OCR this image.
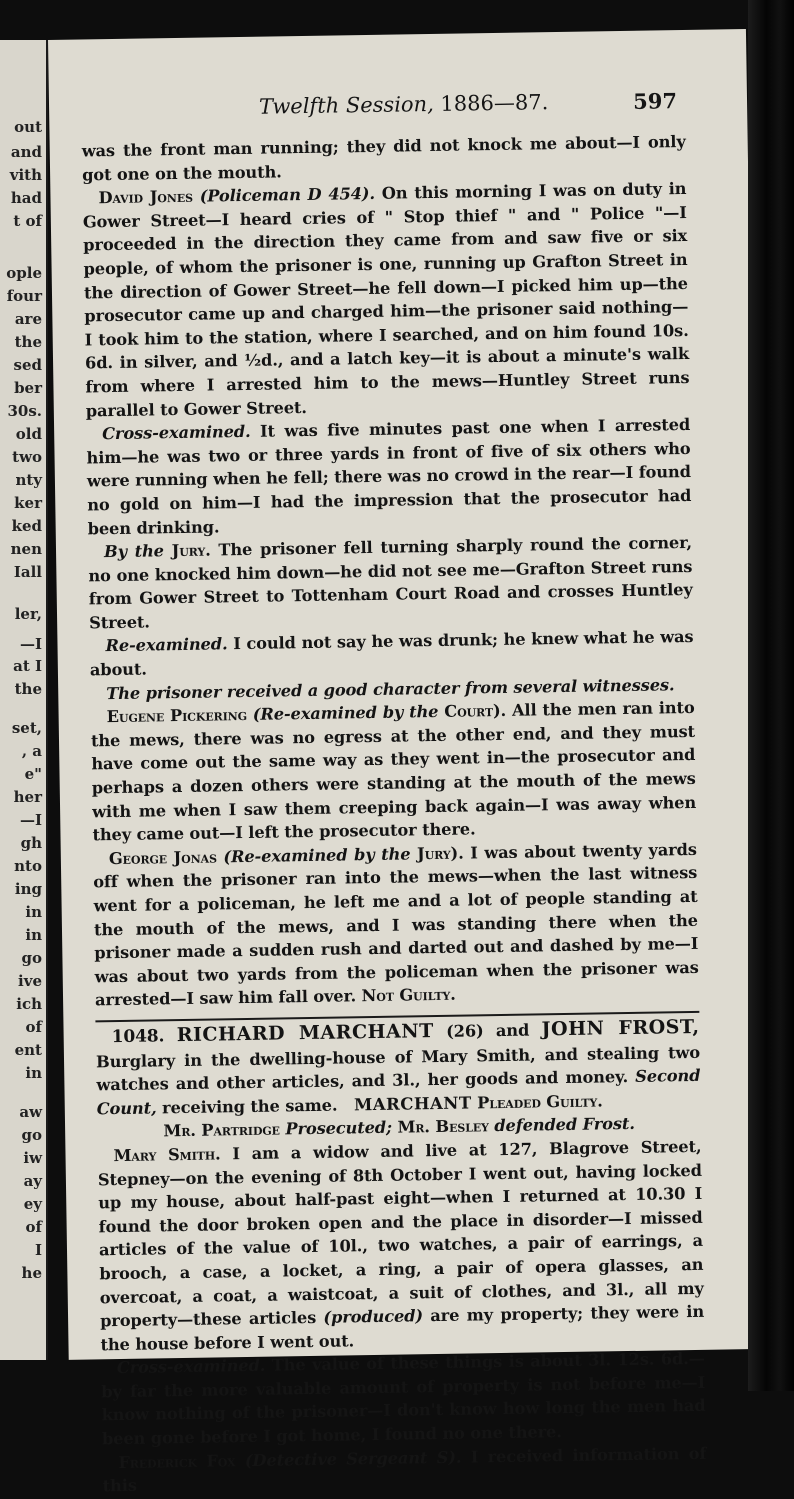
out
and
vith
had
t of
ople
four
are
the
sed
ber
30s.
old
two
nty
ker
ked
nen
Iall
ler,
—I
at I
the
set,
, a
e"
her
—I
gh
nto
ing
in
in
go
ive
ich
of
ent
in
aw
go
iw
ay
ey
of
I
he
Twelfth Session, 1886—87.	597

was the front man running; they did not knock me about—I only got one on the mouth.

David Jones (Policeman D 454). On this morning I was on duty in Gower Street—I heard cries of " Stop thief " and " Police "—I proceeded in the direction they came from and saw five or six people, of whom the prisoner is one, running up Grafton Street in the direction of Gower Street—he fell down—I picked him up—the prosecutor came up and charged him—the prisoner said nothing—I took him to the station, where I searched, and on him found 10s. 6d. in silver, and ½d., and a latch key—it is about a minute's walk from where I arrested him to the mews—Huntley Street runs parallel to Gower Street.

Cross-examined. It was five minutes past one when I arrested him—he was two or three yards in front of five of six others who were running when he fell; there was no crowd in the rear—I found no gold on him—I had the impression that the prosecutor had been drinking.

By the Jury. The prisoner fell turning sharply round the corner, no one knocked him down—he did not see me—Grafton Street runs from Gower Street to Tottenham Court Road and crosses Huntley Street.

Re-examined. I could not say he was drunk; he knew what he was about.

The prisoner received a good character from several witnesses.

Eugene Pickering (Re-examined by the Court). All the men ran into the mews, there was no egress at the other end, and they must have come out the same way as they went in—the prosecutor and perhaps a dozen others were standing at the mouth of the mews with me when I saw them creeping back again—I was away when they came out—I left the prosecutor there.

George Jonas (Re-examined by the Jury). I was about twenty yards off when the prisoner ran into the mews—when the last witness went for a policeman, he left me and a lot of people standing at the mouth of the mews, and I was standing there when the prisoner made a sudden rush and darted out and dashed by me—I was about two yards from the policeman when the prisoner was arrested—I saw him fall over. Not Guilty.

1048. RICHARD MARCHANT (26) and JOHN FROST, Burglary in the dwelling-house of Mary Smith, and stealing two watches and other articles, and 3l., her goods and money. Second Count, receiving the same. MARCHANT Pleaded Guilty.

Mr. Partridge Prosecuted; Mr. Besley defended Frost.

Mary Smith. I am a widow and live at 127, Blagrove Street, Stepney—on the evening of 8th October I went out, having locked up my house, about half-past eight—when I returned at 10.30 I found the door broken open and the place in disorder—I missed articles of the value of 10l., two watches, a pair of earrings, a brooch, a case, a locket, a ring, a pair of opera glasses, an overcoat, a coat, a waistcoat, a suit of clothes, and 3l., all my property—these articles (produced) are my property; they were in the house before I went out.

Cross-examined. The value of these things is about 3l. 12s. 6d.—by far the more valuable amount of property is not before me—I know nothing of the prisoner—I don't know how long the men had been gone before I got home, I found no one there.

Frederick Fox (Detective Sergeant S). I received information of this
